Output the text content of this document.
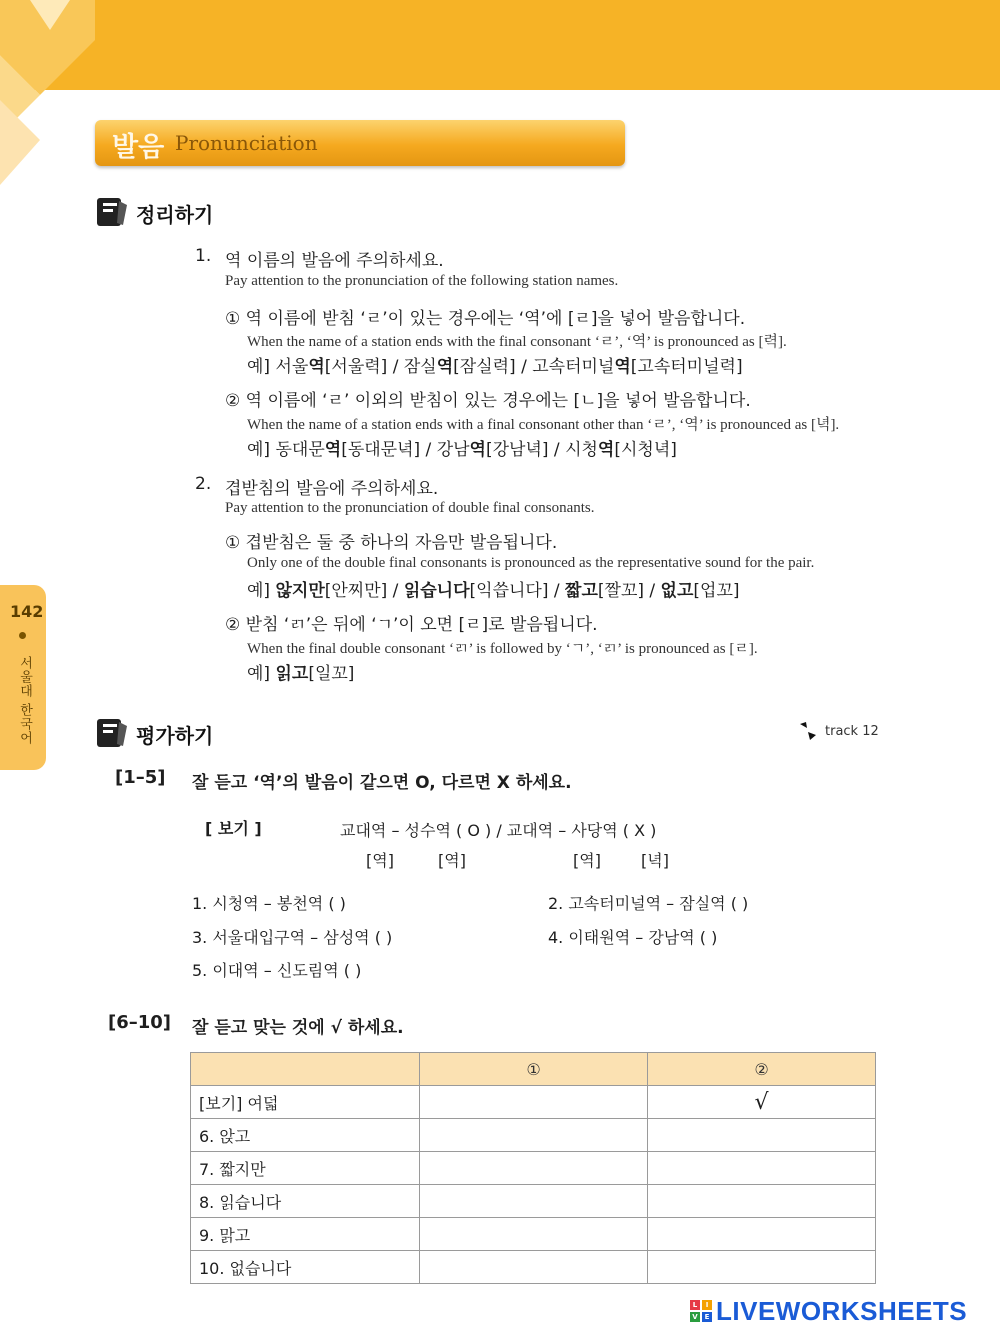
발음 Pronunciation
정리하기
1. 역 이름의 발음에 주의하세요.
Pay attention to the pronunciation of the following station names.
① 역 이름에 받침 ‘ㄹ’이 있는 경우에는 ‘역’에 [ㄹ]을 넣어 발음합니다.
When the name of a station ends with the final consonant ‘ㄹ’, ‘역’ is pronounced as [력].
예] 서울역[서울력] / 잠실역[잠실력] / 고속터미널역[고속터미널력]
② 역 이름에 ‘ㄹ’ 이외의 받침이 있는 경우에는 [ㄴ]을 넣어 발음합니다.
When the name of a station ends with a final consonant other than ‘ㄹ’, ‘역’ is pronounced as [녁].
예] 동대문역[동대문녁] / 강남역[강남녁] / 시청역[시청녁]
2. 겹받침의 발음에 주의하세요.
Pay attention to the pronunciation of double final consonants.
① 겹받침은 둘 중 하나의 자음만 발음됩니다.
Only one of the double final consonants is pronounced as the representative sound for the pair.
예] 않지만[안찌만] / 읽습니다[익씁니다] / 짧고[짤꼬] / 없고[업꼬]
② 받침 ‘ㄺ’은 뒤에 ‘ㄱ’이 오면 [ㄹ]로 발음됩니다.
When the final double consonant ‘ㄺ’ is followed by ‘ㄱ’, ‘ㄺ’ is pronounced as [ㄹ].
예] 읽고[일꼬]
142
서울대 한국어	평가하기	track 12
[1–5] 잘 듣고 ‘역’의 발음이 같으면 O, 다르면 X 하세요.
[ 보기 ]	교대역 – 성수역 ( O ) / 교대역 – 사당역 ( X )
[역]	[역]	[역]	[녁]
1. 시청역 – 봉천역 ( )	2. 고속터미널역 – 잠실역 ( )
3. 서울대입구역 – 삼성역 ( )	4. 이태원역 – 강남역 ( )
5. 이대역 – 신도림역 ( )
[6–10] 잘 듣고 맞는 것에 √ 하세요.
	①	②
[보기] 여덟		√
6. 앉고		
7. 짧지만		
8. 읽습니다		
9. 맑고		
10. 없습니다		
L	I
V E LIVEWORKSHEETS
